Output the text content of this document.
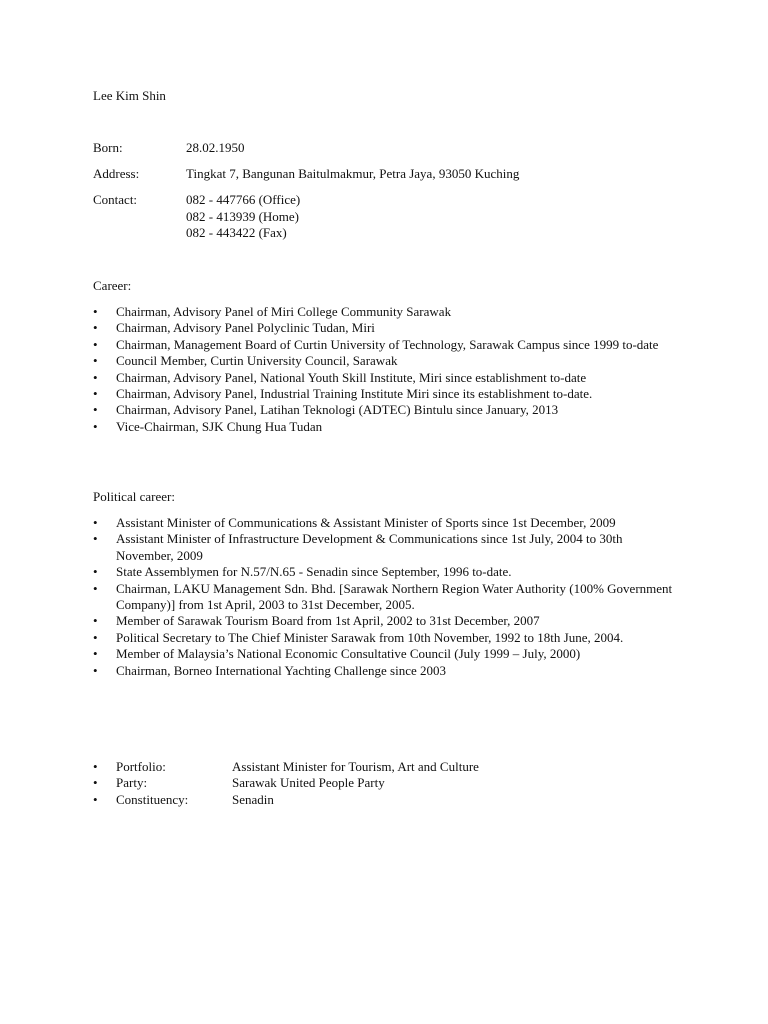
Lee Kim Shin
Born:	28.02.1950
Address:	Tingkat 7, Bangunan Baitulmakmur, Petra Jaya, 93050 Kuching
Contact:	082 - 447766 (Office)
082 - 413939 (Home)
082 - 443422 (Fax)
Career:
•	Chairman, Advisory Panel of Miri College Community Sarawak
•	Chairman, Advisory Panel Polyclinic Tudan, Miri
•	Chairman, Management Board of Curtin University of Technology, Sarawak Campus since 1999 to-date
•	Council Member, Curtin University Council, Sarawak
•	Chairman, Advisory Panel, National Youth Skill Institute, Miri since establishment to-date
•	Chairman, Advisory Panel, Industrial Training Institute Miri since its establishment to-date.
•	Chairman, Advisory Panel, Latihan Teknologi (ADTEC) Bintulu since January, 2013
•	Vice-Chairman, SJK Chung Hua Tudan
Political career:
•	Assistant Minister of Communications & Assistant Minister of Sports since 1st December, 2009
•	Assistant Minister of Infrastructure Development & Communications since 1st July, 2004 to 30th November, 2009
•	State Assemblymen for N.57/N.65 - Senadin since September, 1996 to-date.
•	Chairman, LAKU Management Sdn. Bhd. [Sarawak Northern Region Water Authority (100% Government
Company)] from 1st April, 2003 to 31st December, 2005.
•	Member of Sarawak Tourism Board from 1st April, 2002 to 31st December, 2007
•	Political Secretary to The Chief Minister Sarawak from 10th November, 1992 to 18th June, 2004.
•	Member of Malaysia’s National Economic Consultative Council (July 1999 – July, 2000)
•	Chairman, Borneo International Yachting Challenge since 2003
•	Portfolio:	Assistant Minister for Tourism, Art and Culture
•	Party:	Sarawak United People Party
•	Constituency:	Senadin
